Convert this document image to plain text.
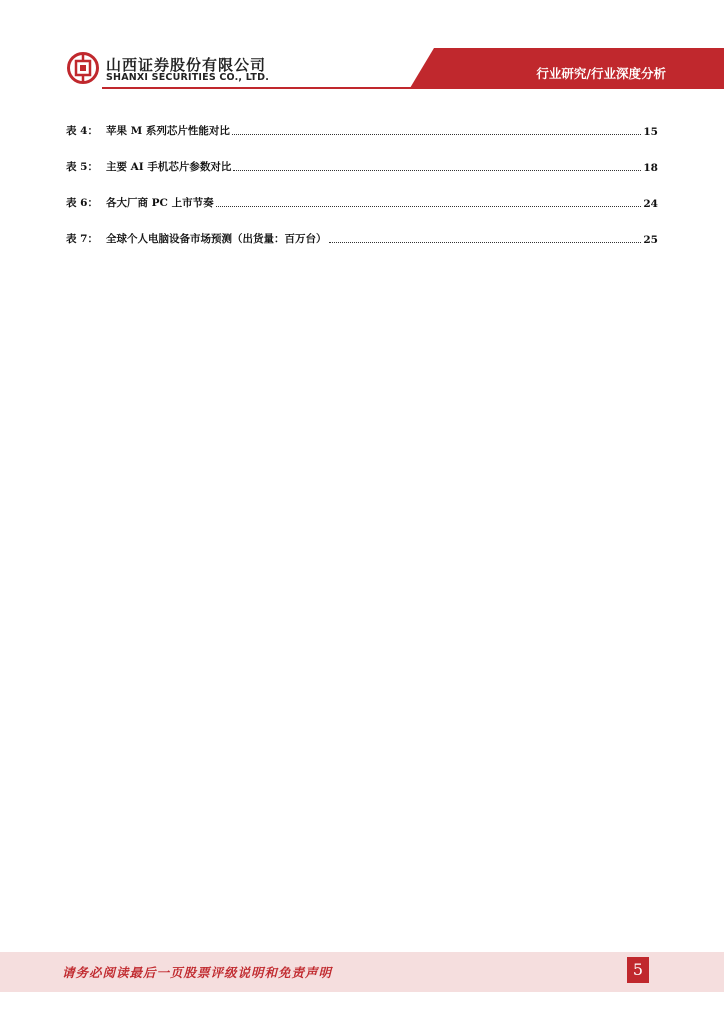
山西证券股份有限公司
SHANXI SECURITIES CO., LTD.	行业研究/行业深度分析
表 4： 苹果 M 系列芯片性能对比	15
表 5： 主要 AI 手机芯片参数对比	18
表 6： 各大厂商 PC 上市节奏	24
表 7： 全球个人电脑设备市场预测（出货量：百万台）	25
请务必阅读最后一页股票评级说明和免责声明	5
